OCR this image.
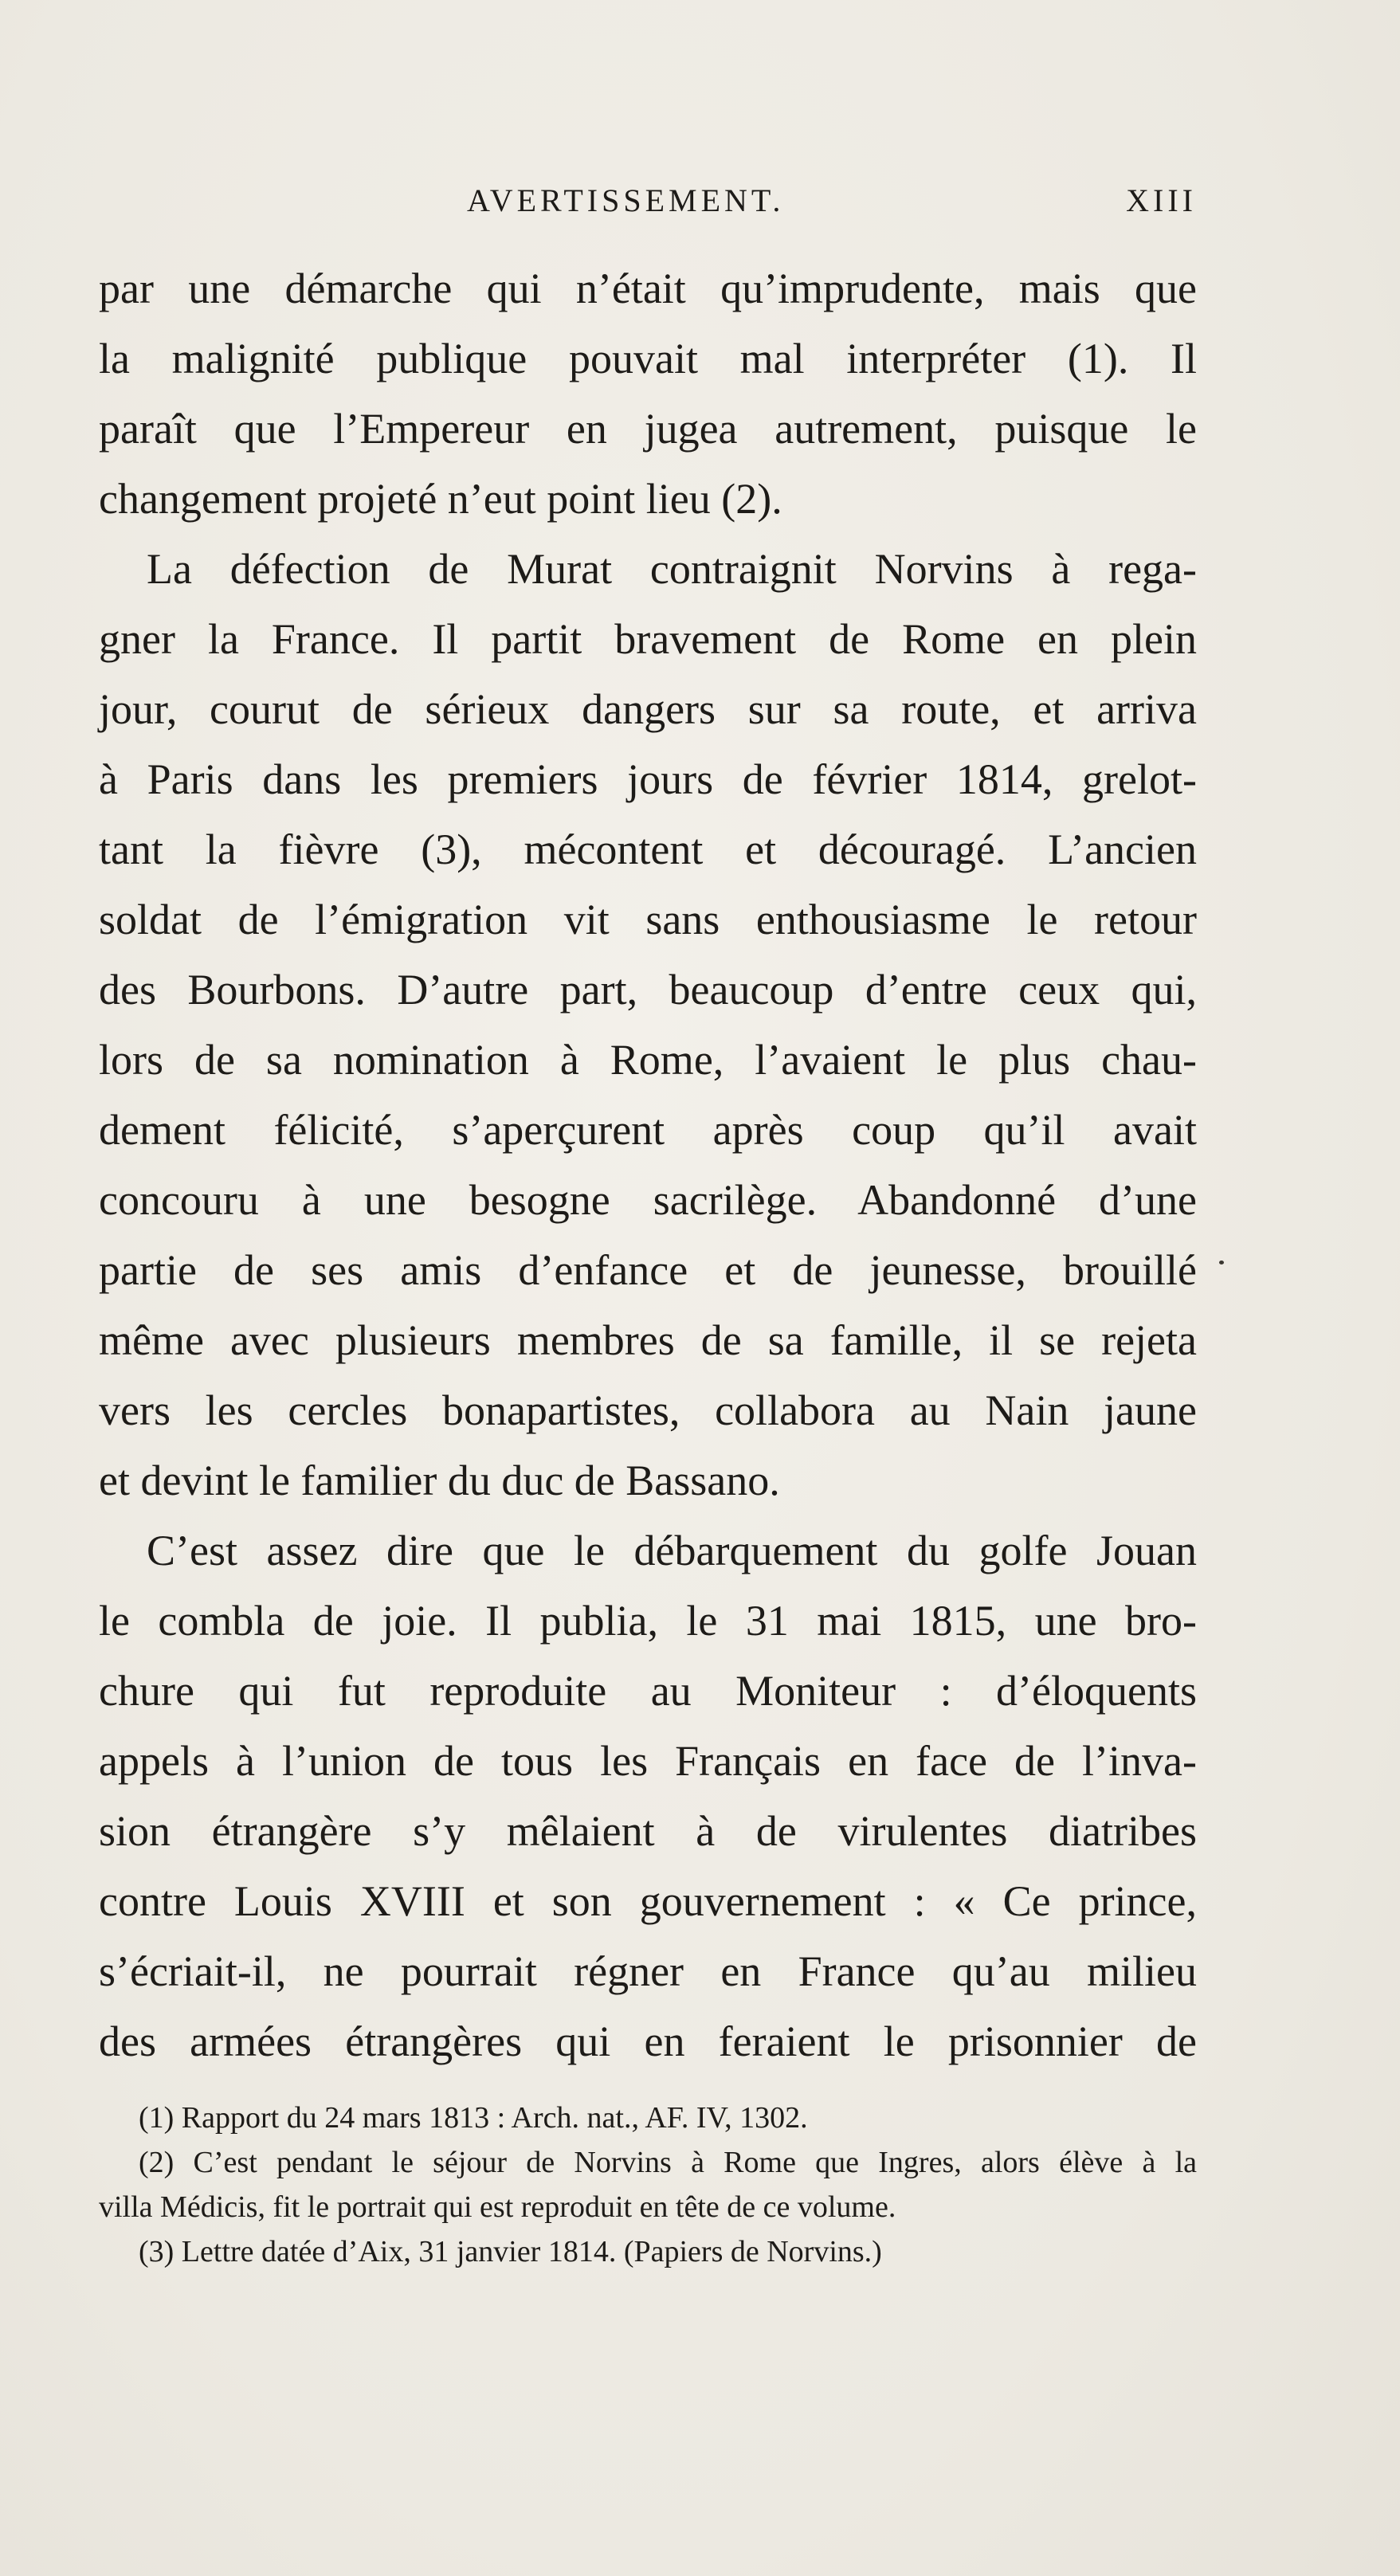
AVERTISSEMENT.	XIII
par une démarche qui n’était qu’imprudente, mais que
la malignité publique pouvait mal interpréter (1). Il
paraît que l’Empereur en jugea autrement, puisque le
changement projeté n’eut point lieu (2).
La défection de Murat contraignit Norvins à rega-
gner la France. Il partit bravement de Rome en plein
jour, courut de sérieux dangers sur sa route, et arriva
à Paris dans les premiers jours de février 1814, grelot-
tant la fièvre (3), mécontent et découragé. L’ancien
soldat de l’émigration vit sans enthousiasme le retour
des Bourbons. D’autre part, beaucoup d’entre ceux qui,
lors de sa nomination à Rome, l’avaient le plus chau-
dement félicité, s’aperçurent après coup qu’il avait
concouru à une besogne sacrilège. Abandonné d’une
partie de ses amis d’enfance et de jeunesse, brouillé
même avec plusieurs membres de sa famille, il se rejeta
vers les cercles bonapartistes, collabora au Nain jaune
et devint le familier du duc de Bassano.
C’est assez dire que le débarquement du golfe Jouan
le combla de joie. Il publia, le 31 mai 1815, une bro-
chure qui fut reproduite au Moniteur : d’éloquents
appels à l’union de tous les Français en face de l’inva-
sion étrangère s’y mêlaient à de virulentes diatribes
contre Louis XVIII et son gouvernement : « Ce prince,
s’écriait-il, ne pourrait régner en France qu’au milieu
des armées étrangères qui en feraient le prisonnier de
(1) Rapport du 24 mars 1813 : Arch. nat., AF. IV, 1302.
(2) C’est pendant le séjour de Norvins à Rome que Ingres, alors élève à la
villa Médicis, fit le portrait qui est reproduit en tête de ce volume.
(3) Lettre datée d’Aix, 31 janvier 1814. (Papiers de Norvins.)
